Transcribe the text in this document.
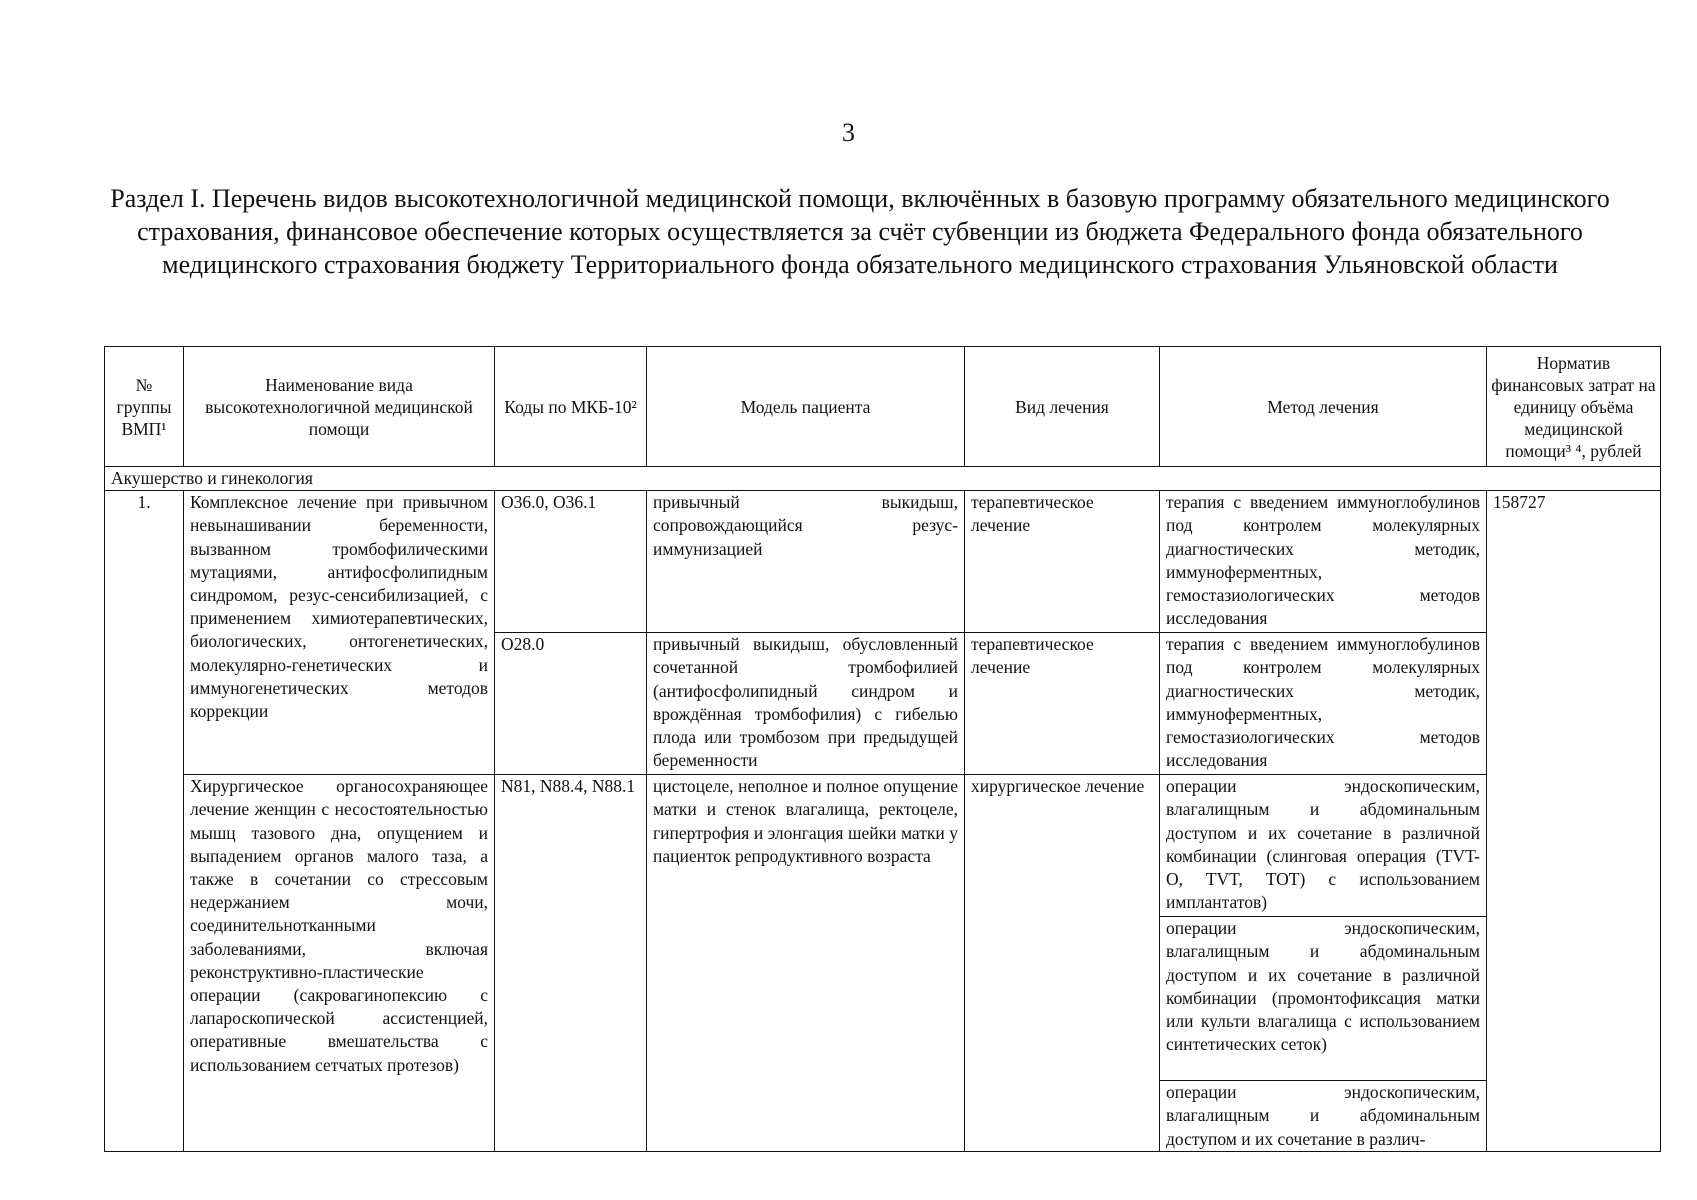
3
Раздел I. Перечень видов высокотехнологичной медицинской помощи, включённых в базовую программу обязательного медицинского страхования, финансовое обеспечение которых осуществляется за счёт субвенции из бюджета Федерального фонда обязательного медицинского страхования бюджету Территориального фонда обязательного медицинского страхования Ульяновской области
№ группы ВМП¹	Наименование вида высокотехнологичной медицинской помощи	Коды по МКБ-10²	Модель пациента	Вид лечения	Метод лечения	Норматив финансовых затрат на единицу объёма медицинской помощи³ ⁴, рублей
Акушерство и гинекология						
1.	Комплексное лечение при привычном невынашивании беременности, вызванном тромбофилическими мутациями, антифосфолипидным синдромом, резус-сенсибилизацией, с применением химиотерапевтических, биологических, онтогенетических, молекулярно-генетических и иммуногенетических методов коррекции	O36.0, O36.1	привычный выкидыш, сопровождающийся резус-иммунизацией	терапевтическое лечение	терапия с введением иммуноглобулинов под контролем молекулярных диагностических методик, иммуноферментных, гемостазиологических методов исследования	158727
		O28.0	привычный выкидыш, обусловленный сочетанной тромбофилией (антифосфолипидный синдром и врождённая тромбофилия) с гибелью плода или тромбозом при предыдущей беременности	терапевтическое лечение	терапия с введением иммуноглобулинов под контролем молекулярных диагностических методик, иммуноферментных, гемостазиологических методов исследования	
	Хирургическое органосохраняющее лечение женщин с несостоятельностью мышц тазового дна, опущением и выпадением органов малого таза, а также в сочетании со стрессовым недержанием мочи, соединительнотканными заболеваниями, включая реконструктивно-пластические операции (сакровагинопексию с лапароскопической ассистенцией, оперативные вмешательства с использованием сетчатых протезов)	N81, N88.4, N88.1	цистоцеле, неполное и полное опущение матки и стенок влагалища, ректоцеле, гипертрофия и элонгация шейки матки у пациенток репродуктивного возраста	хирургическое лечение	операции эндоскопическим, влагалищным и абдоминальным доступом и их сочетание в различной комбинации (слинговая операция (TVT-O, TVT, TOT) с использованием имплантатов)	
					операции эндоскопическим, влагалищным и абдоминальным доступом и их сочетание в различной комбинации (промонтофиксация матки или культи влагалища с использованием синтетических сеток)	
					операции эндоскопическим, влагалищным и абдоминальным доступом и их сочетание в различ-	
